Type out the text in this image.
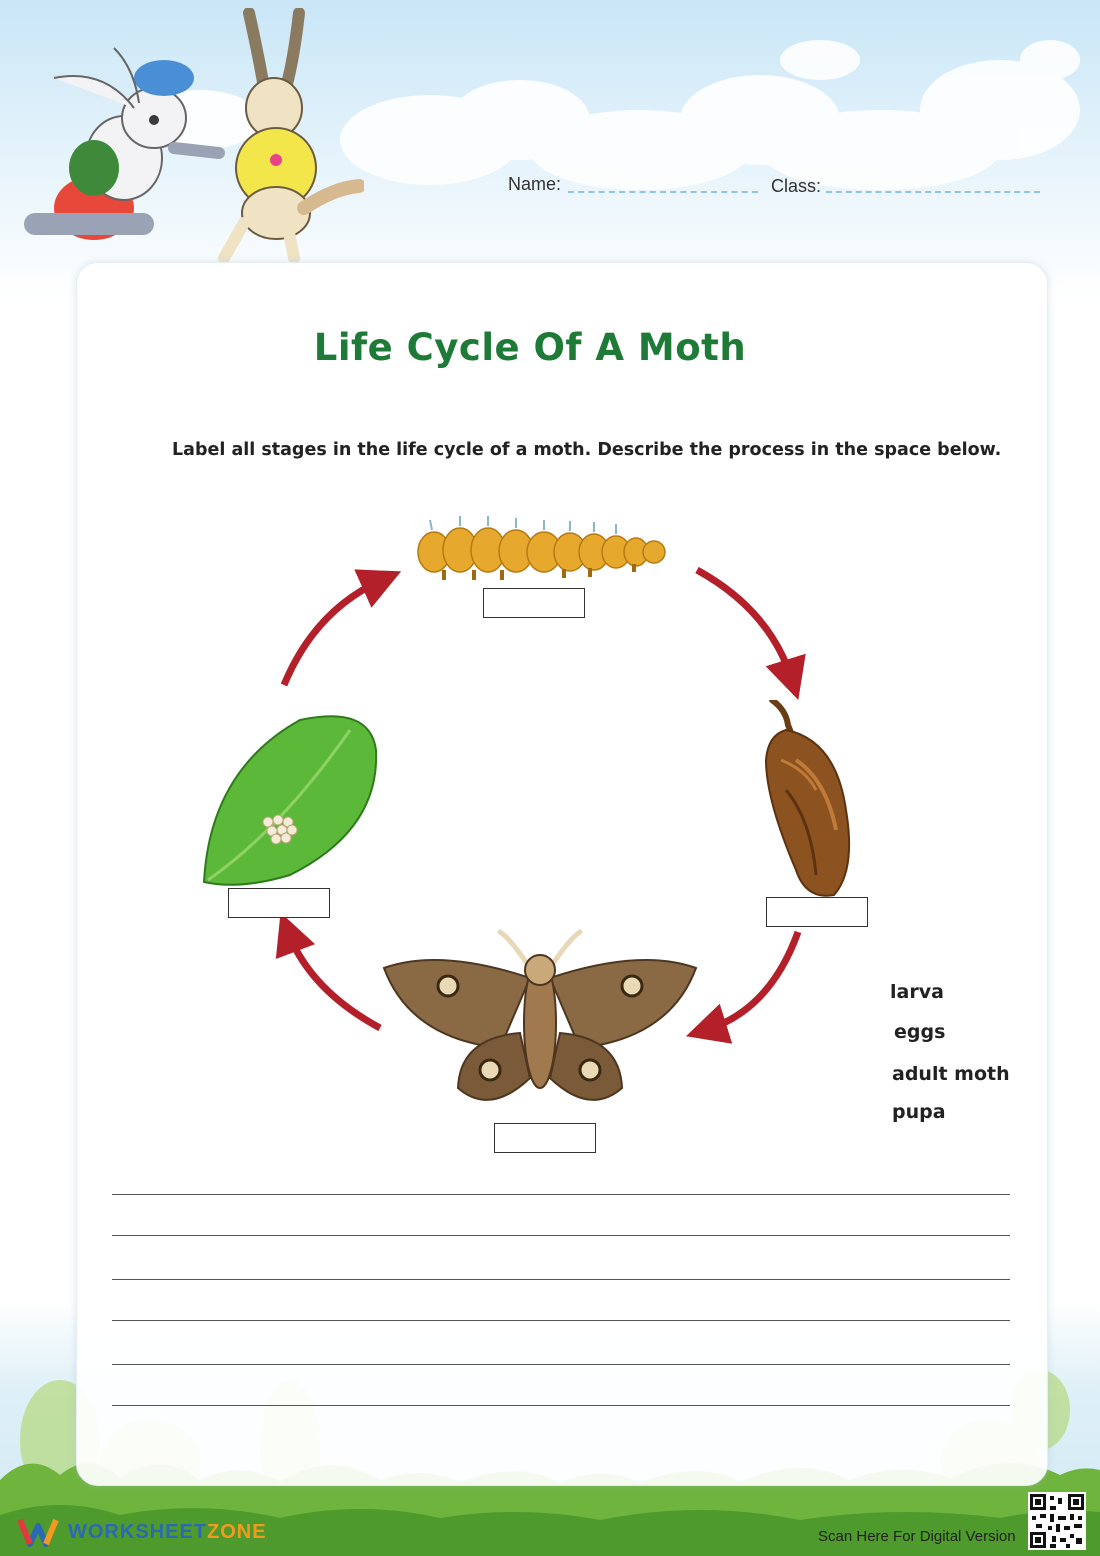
Name:	Class:
Life Cycle Of A Moth
Label all stages in the life cycle of a moth. Describe the process in the space below.
larva
eggs
adult moth
pupa
WORKSHEETZONE	Scan Here For Digital Version
